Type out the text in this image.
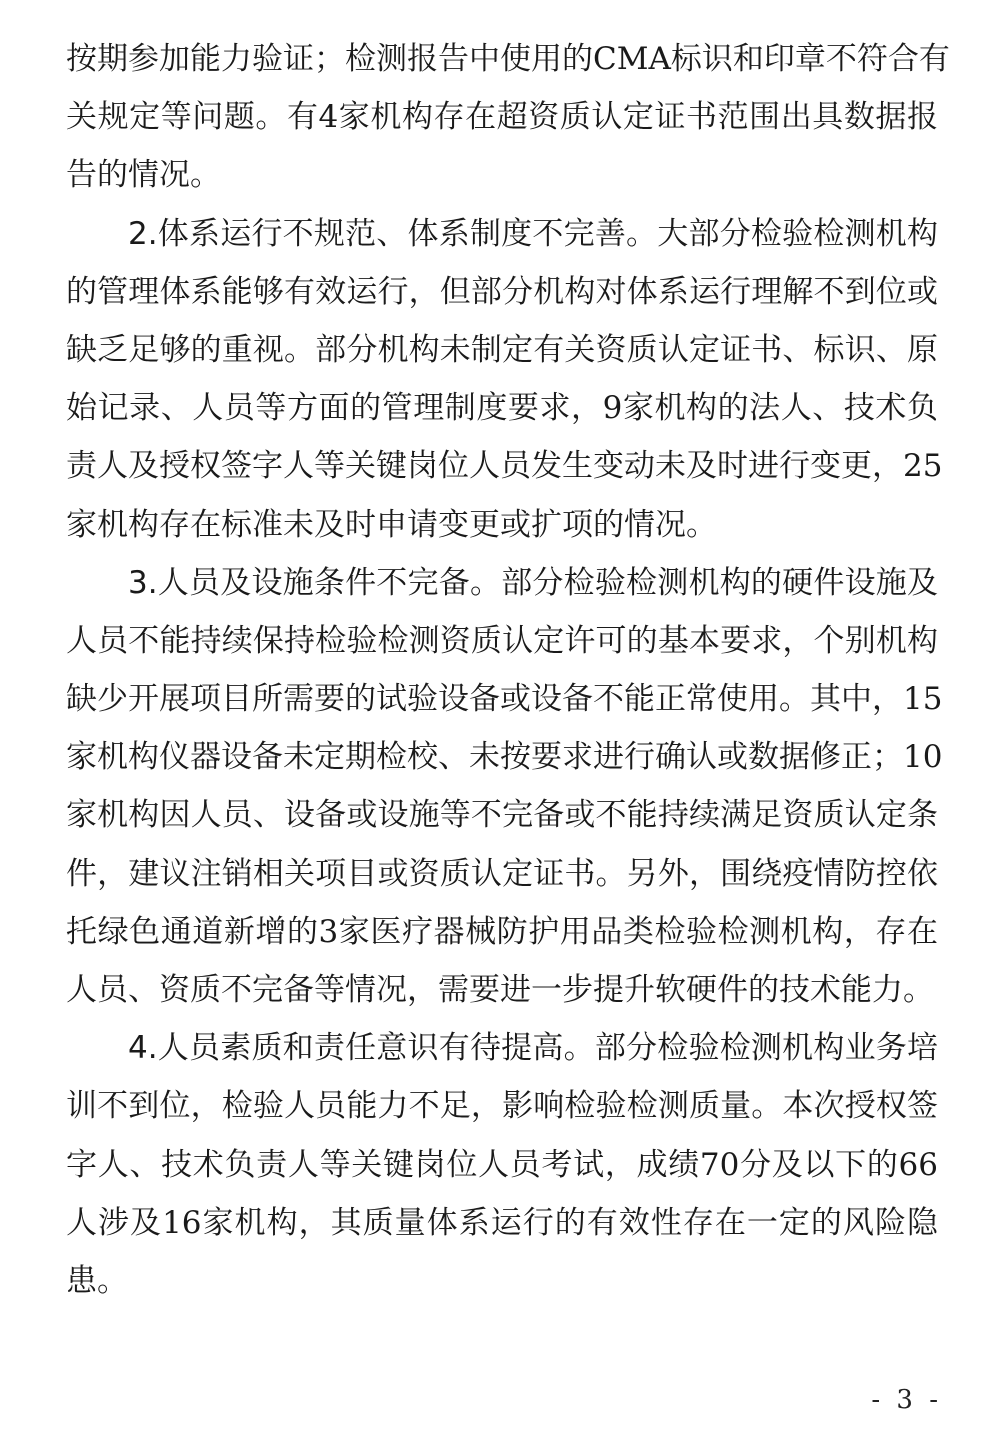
按期参加能力验证；检测报告中使用的CMA标识和印章不符合有
关规定等问题。有4家机构存在超资质认定证书范围出具数据报
告的情况。
2.体系运行不规范、体系制度不完善。大部分检验检测机构
的管理体系能够有效运行，但部分机构对体系运行理解不到位或
缺乏足够的重视。部分机构未制定有关资质认定证书、标识、原
始记录、人员等方面的管理制度要求，9家机构的法人、技术负
责人及授权签字人等关键岗位人员发生变动未及时进行变更，25
家机构存在标准未及时申请变更或扩项的情况。
3.人员及设施条件不完备。部分检验检测机构的硬件设施及
人员不能持续保持检验检测资质认定许可的基本要求，个别机构
缺少开展项目所需要的试验设备或设备不能正常使用。其中，15
家机构仪器设备未定期检校、未按要求进行确认或数据修正；10
家机构因人员、设备或设施等不完备或不能持续满足资质认定条
件，建议注销相关项目或资质认定证书。另外，围绕疫情防控依
托绿色通道新增的3家医疗器械防护用品类检验检测机构，存在
人员、资质不完备等情况，需要进一步提升软硬件的技术能力。
4.人员素质和责任意识有待提高。部分检验检测机构业务培
训不到位，检验人员能力不足，影响检验检测质量。本次授权签
字人、技术负责人等关键岗位人员考试，成绩70分及以下的66
人涉及16家机构，其质量体系运行的有效性存在一定的风险隐
患。
- 3 -
